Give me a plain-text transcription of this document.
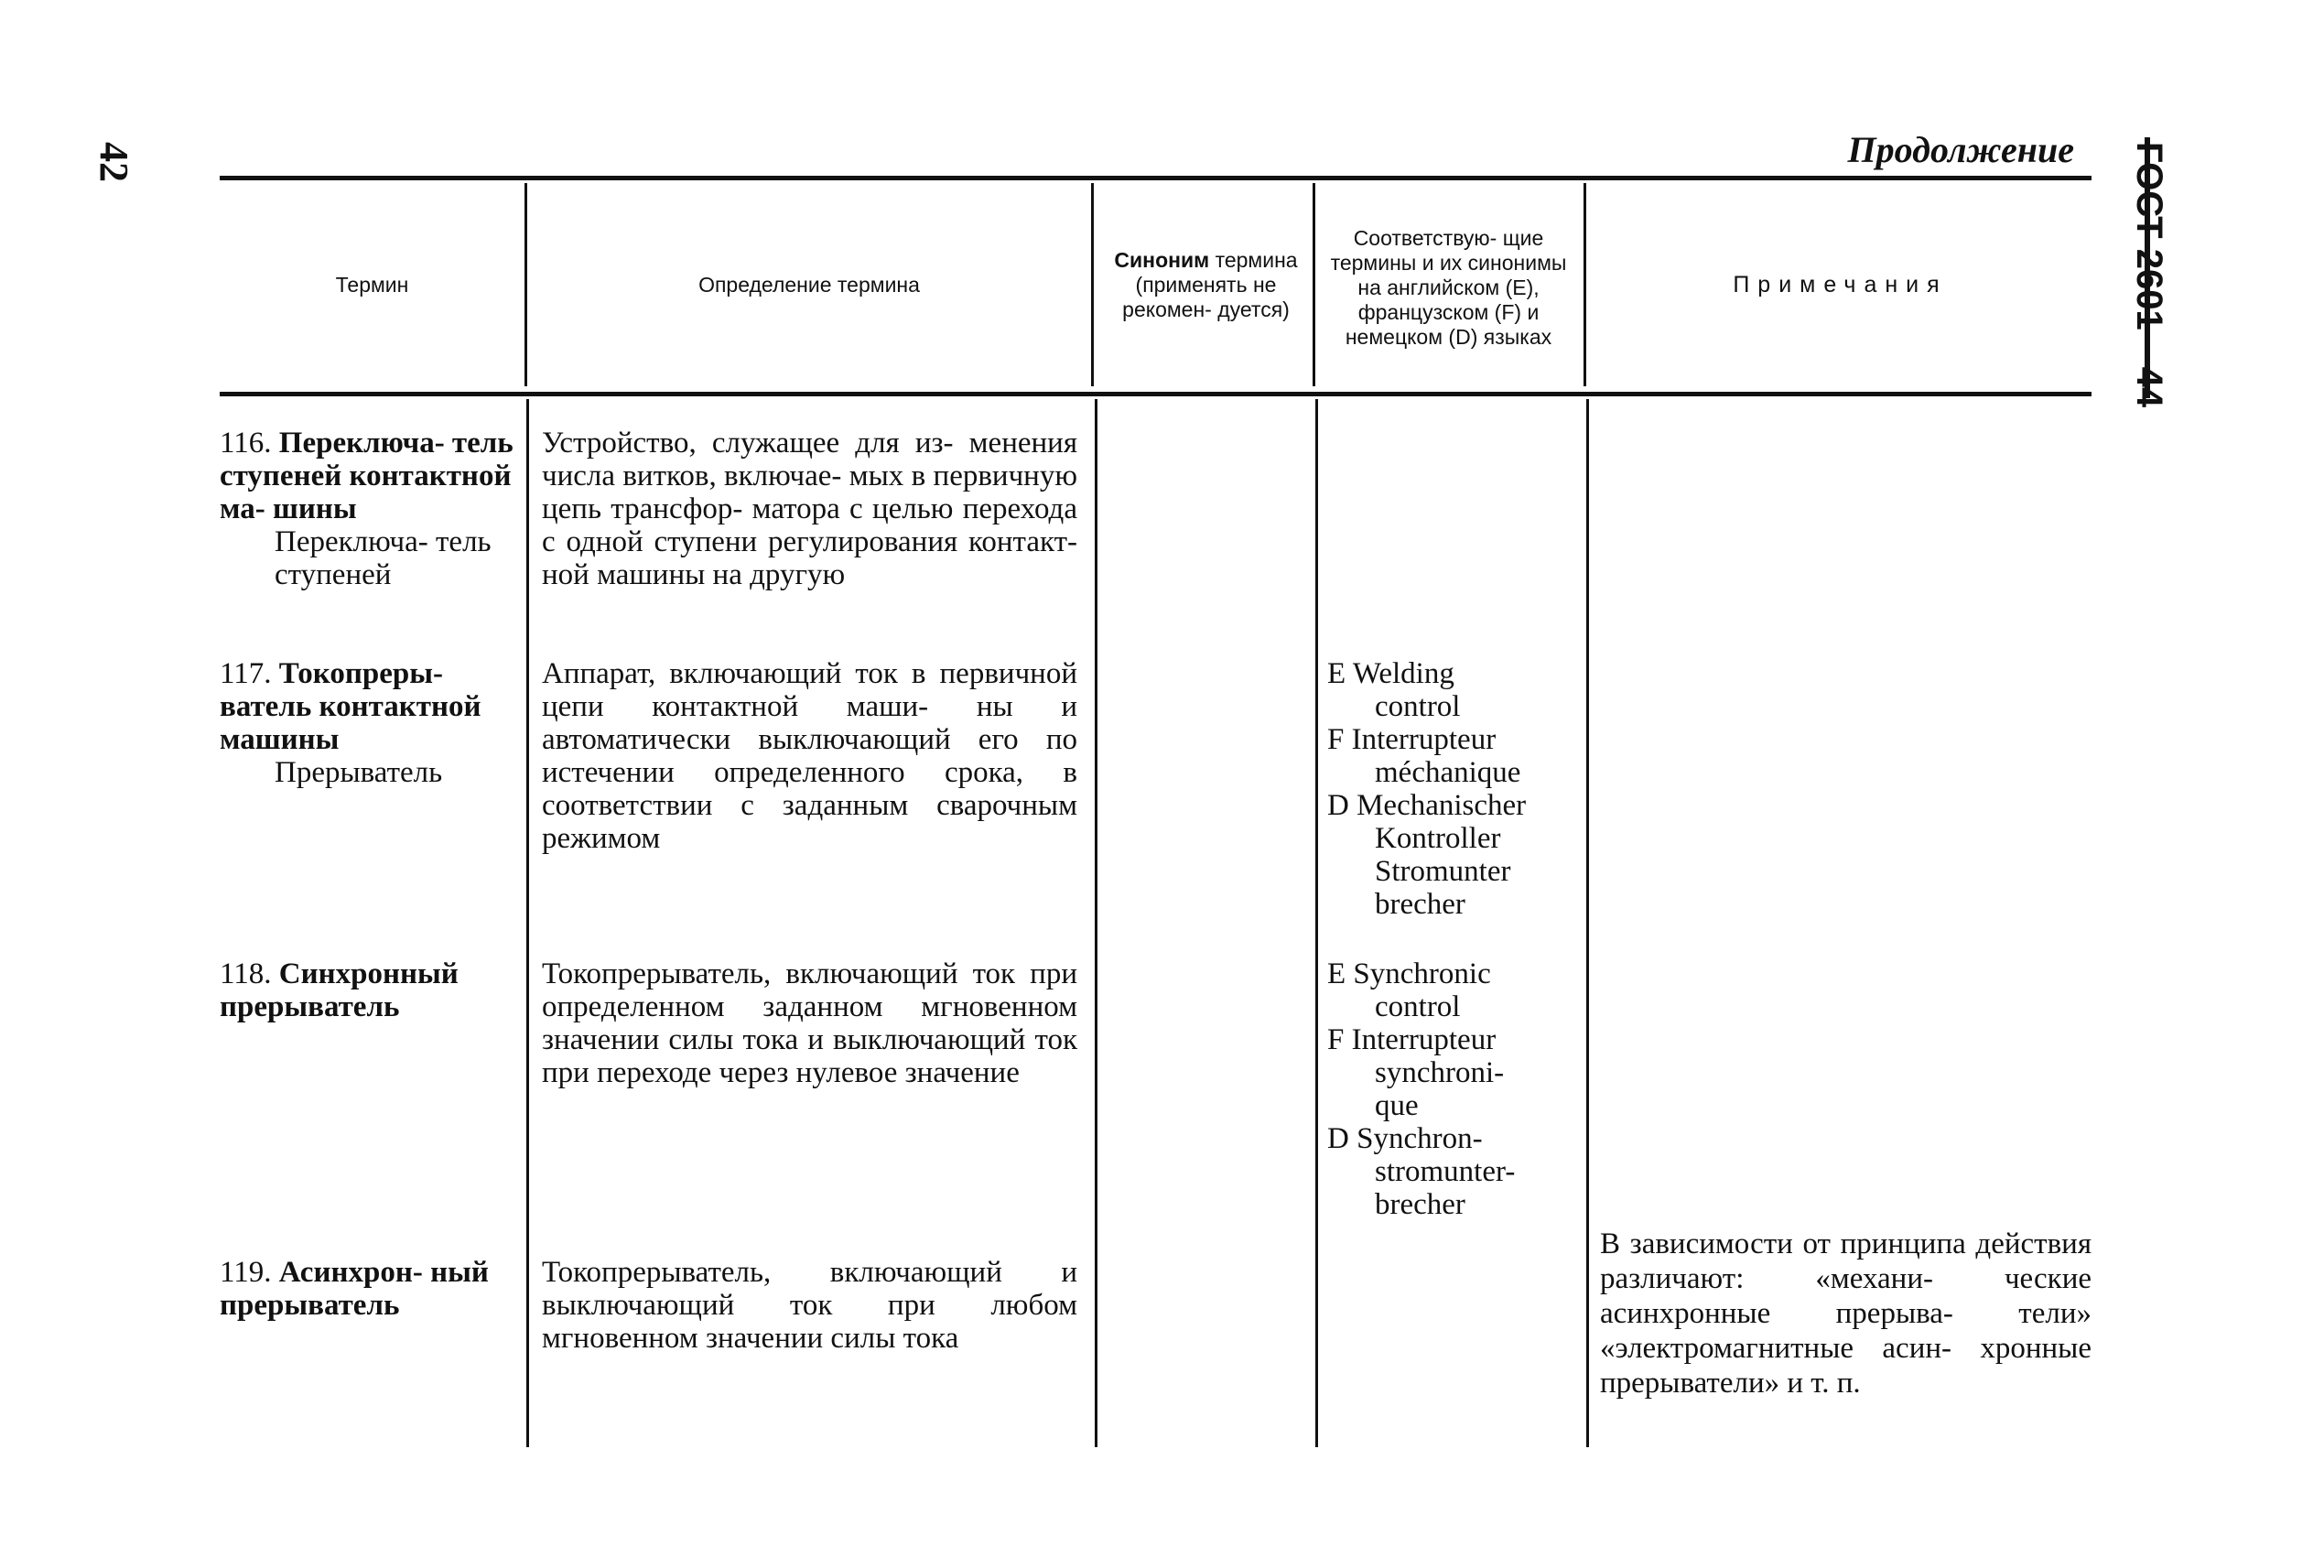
42	Продолжение ГОСТ 2601—44
Термин	Определение термина
Синоним термина (применять не рекомен- дуется)
Соответствую- щие термины и их синонимы на английском (Е), французском (F) и немецком (D) языках
Примечания
116. Переключа- тель ступеней контактной ма- шины
Переключа- тель ступеней
Устройство, служащее для из- менения числа витков, включае- мых в первичную цепь трансфор- матора с целью перехода с одной ступени регулирования контакт- ной машины на другую
117. Токопреры- ватель контактной машины
Прерыватель
Аппарат, включающий ток в первичной цепи контактной маши- ны и автоматически выключающий его по истечении определенного срока, в соответствии с заданным сварочным режимом
E Welding
control
F Interrupteur
méchanique
D Mechanischer
Kontroller
Stromunter
brecher
118. Синхронный прерыватель
Токопрерыватель, включающий ток при определенном заданном мгновенном значении силы тока и выключающий ток при переходе через нулевое значение
E Synchronic
control
F Interrupteur
synchroni-
que
D Synchron-
stromunter-
brecher
119. Асинхрон- ный прерыватель
Токопрерыватель, включающий и выключающий ток при любом мгновенном значении силы тока
В зависимости от принципа действия различают: «механи- ческие асинхронные прерыва- тели» «электромагнитные асин- хронные прерыватели» и т. п.
